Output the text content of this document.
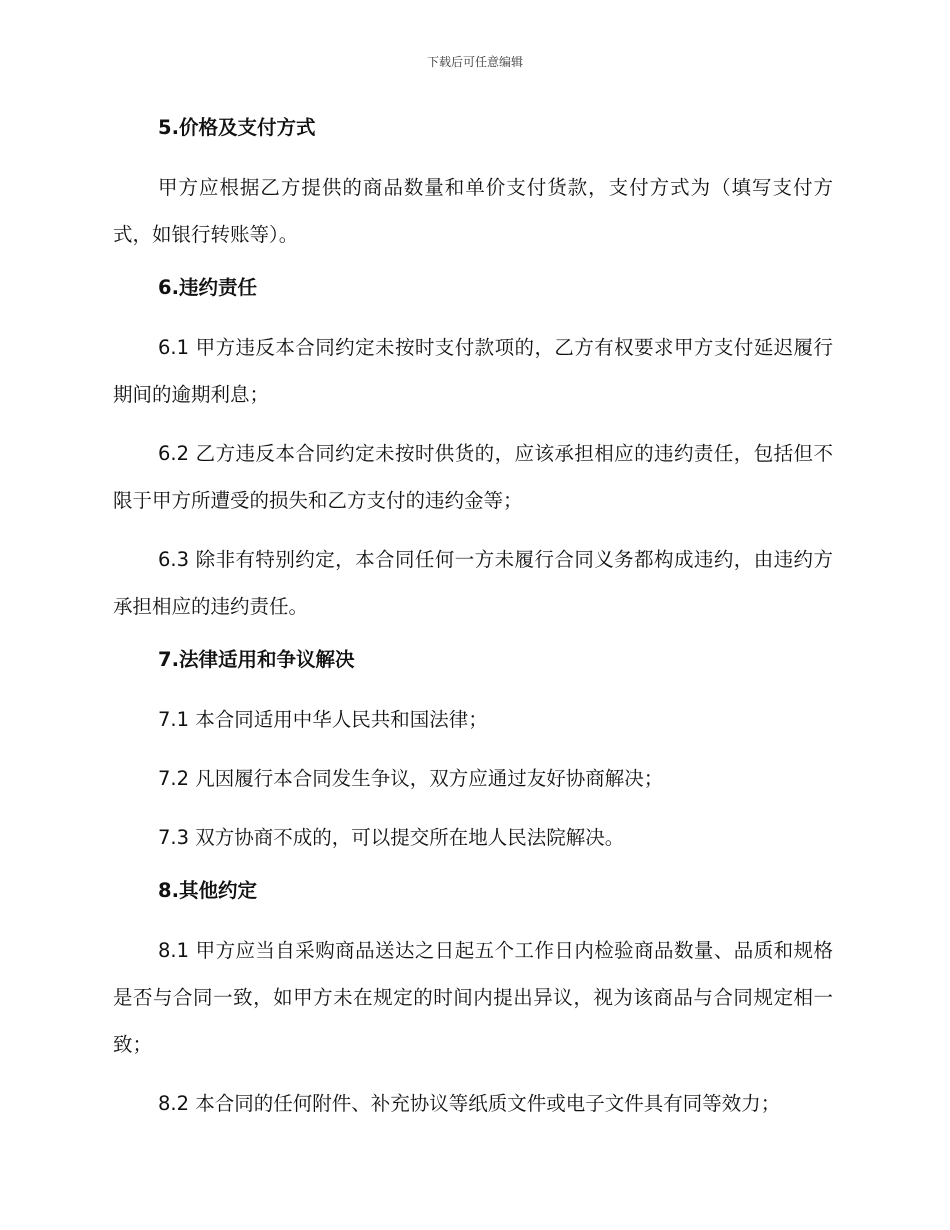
下载后可任意编辑
5.价格及支付方式

甲方应根据乙方提供的商品数量和单价支付货款，支付方式为（填写支付方式，如银行转账等）。

6.违约责任

6.1 甲方违反本合同约定未按时支付款项的，乙方有权要求甲方支付延迟履行期间的逾期利息；

6.2 乙方违反本合同约定未按时供货的，应该承担相应的违约责任，包括但不限于甲方所遭受的损失和乙方支付的违约金等；

6.3 除非有特别约定，本合同任何一方未履行合同义务都构成违约，由违约方承担相应的违约责任。

7.法律适用和争议解决

7.1 本合同适用中华人民共和国法律；

7.2 凡因履行本合同发生争议，双方应通过友好协商解决；

7.3 双方协商不成的，可以提交所在地人民法院解决。

8.其他约定

8.1 甲方应当自采购商品送达之日起五个工作日内检验商品数量、品质和规格是否与合同一致，如甲方未在规定的时间内提出异议，视为该商品与合同规定相一致；

8.2 本合同的任何附件、补充协议等纸质文件或电子文件具有同等效力；
